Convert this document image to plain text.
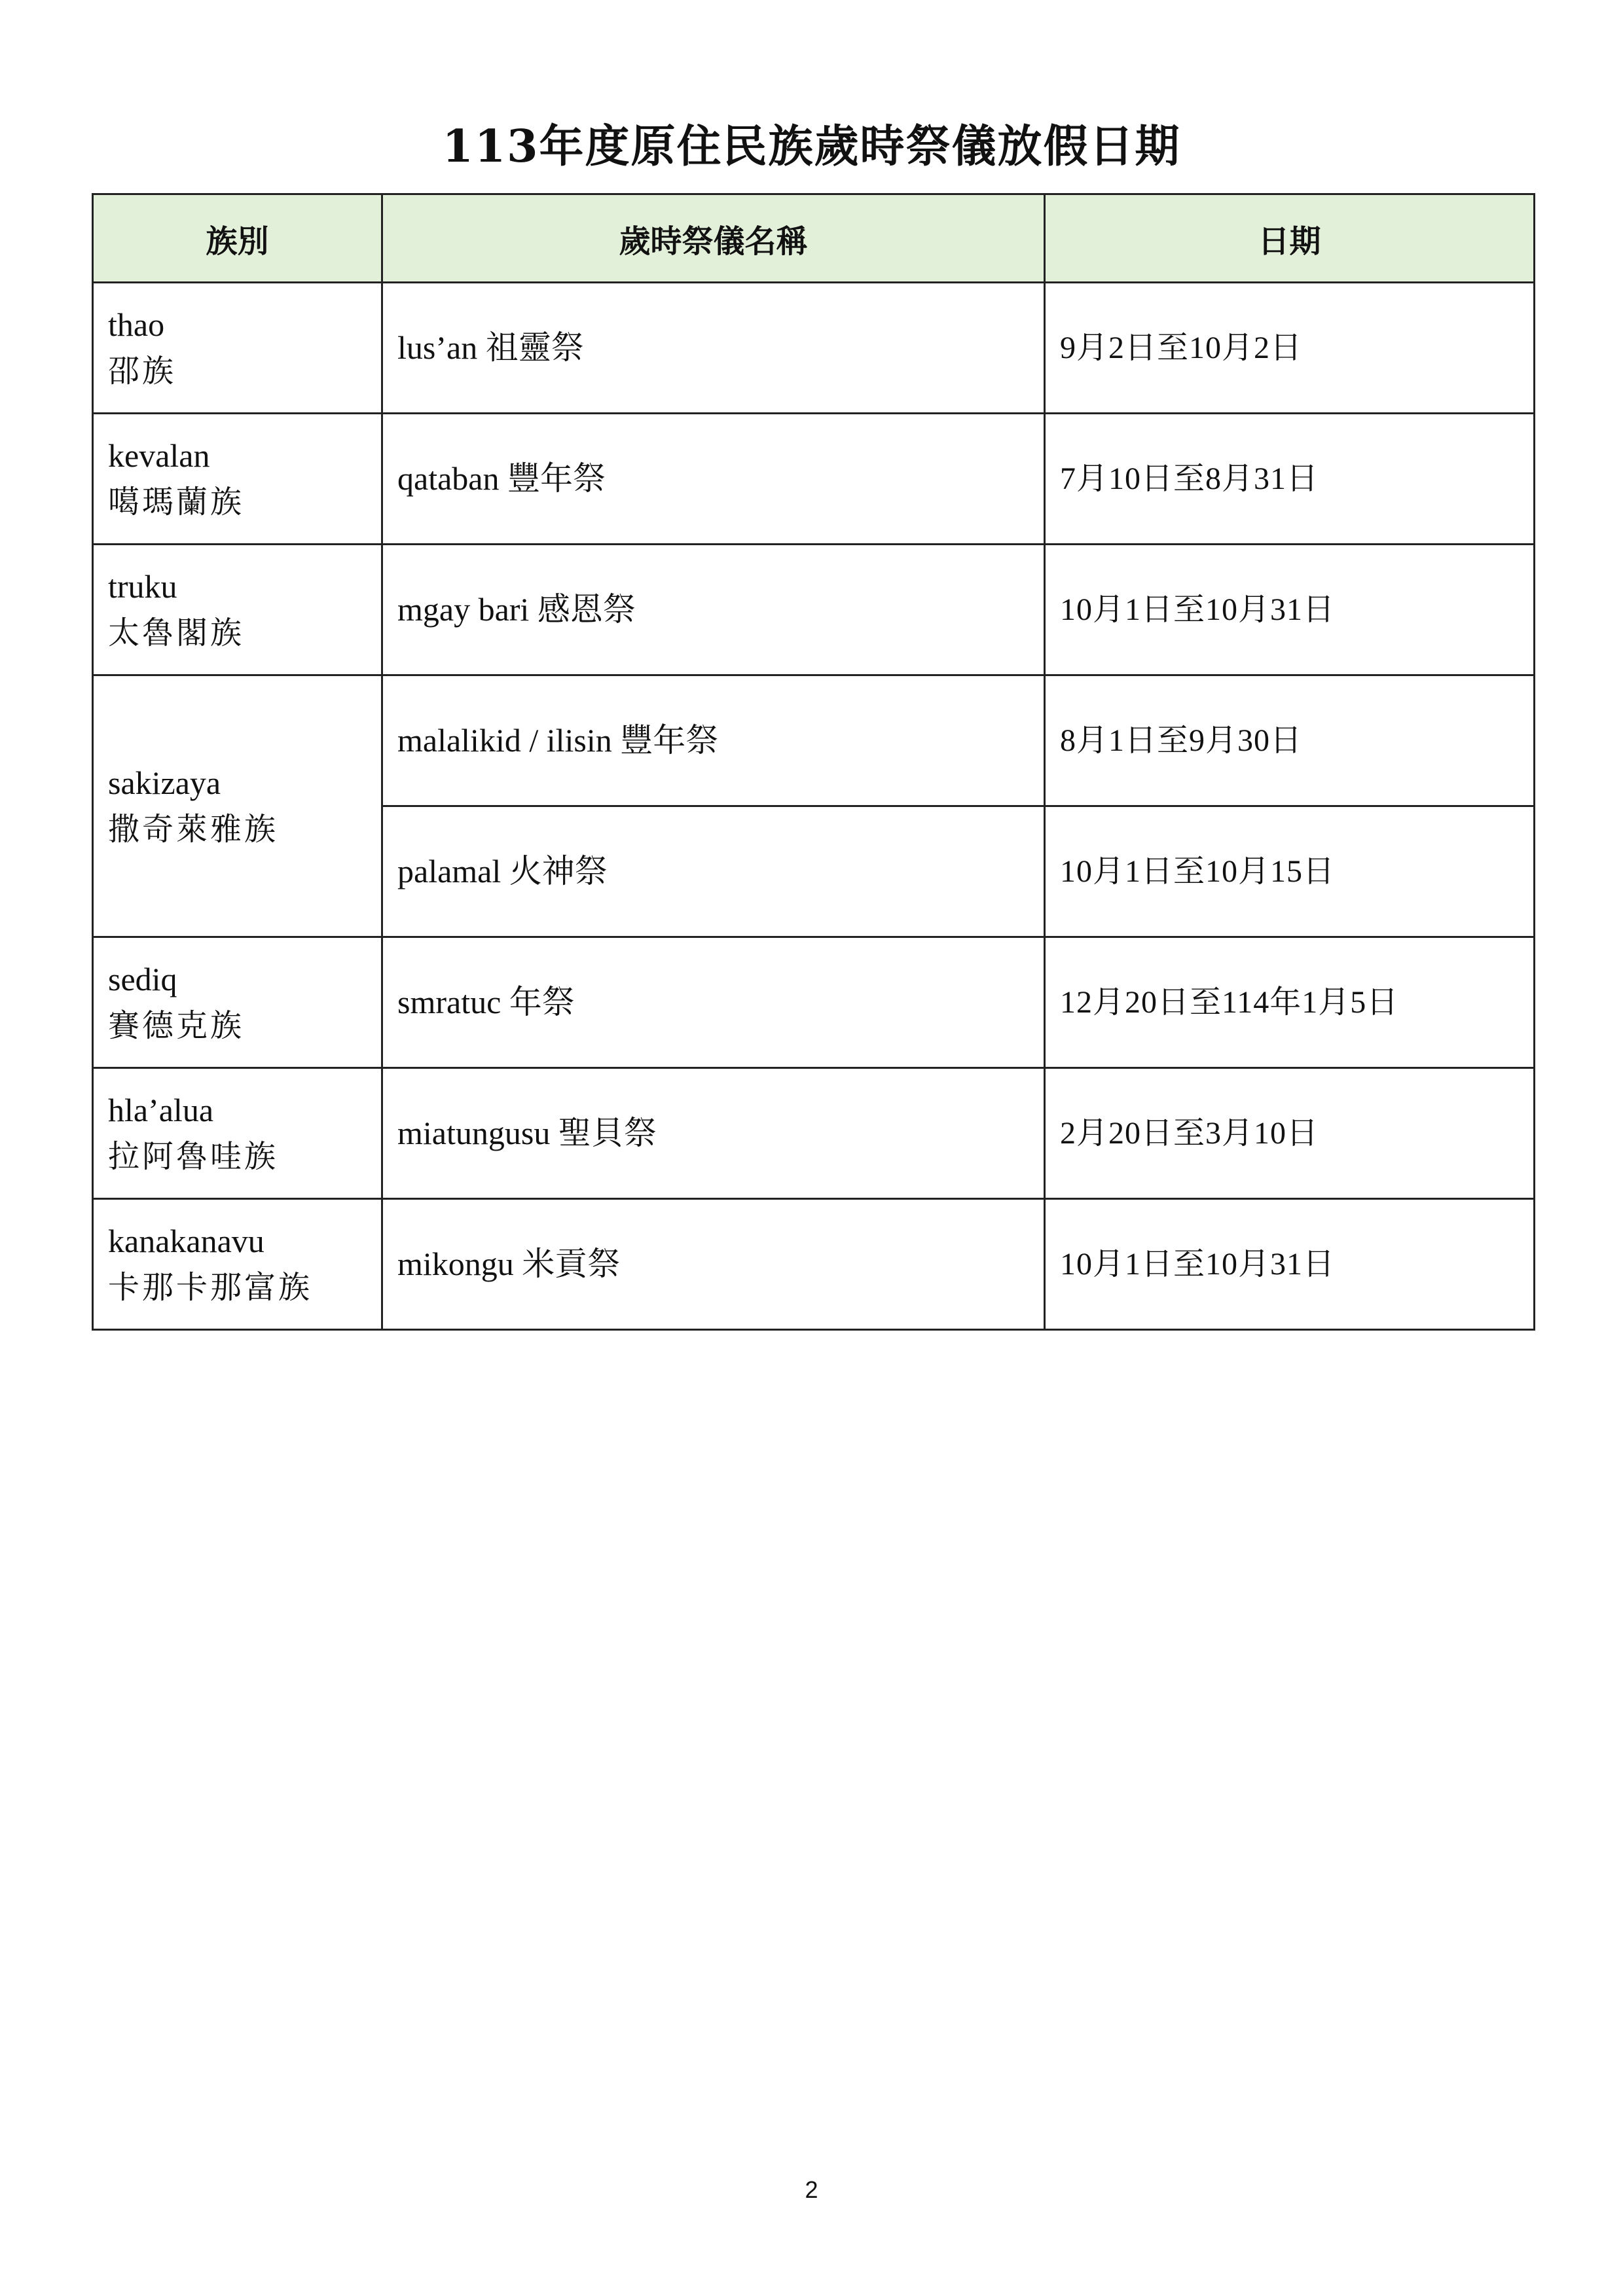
113年度原住民族歲時祭儀放假日期
族別	歲時祭儀名稱	日期

thao
邵族	lus’an 祖靈祭	9月2日至10月2日

kevalan
噶瑪蘭族	qataban 豐年祭	7月10日至8月31日

truku
太魯閣族	mgay bari 感恩祭	10月1日至10月31日

sakizaya
撒奇萊雅族	malalikid / ilisin 豐年祭	8月1日至9月30日
	palamal 火神祭	10月1日至10月15日

sediq
賽德克族	smratuc 年祭	12月20日至114年1月5日

hla’alua
拉阿魯哇族	miatungusu 聖貝祭	2月20日至3月10日

kanakanavu
卡那卡那富族	mikongu 米貢祭	10月1日至10月31日
2
